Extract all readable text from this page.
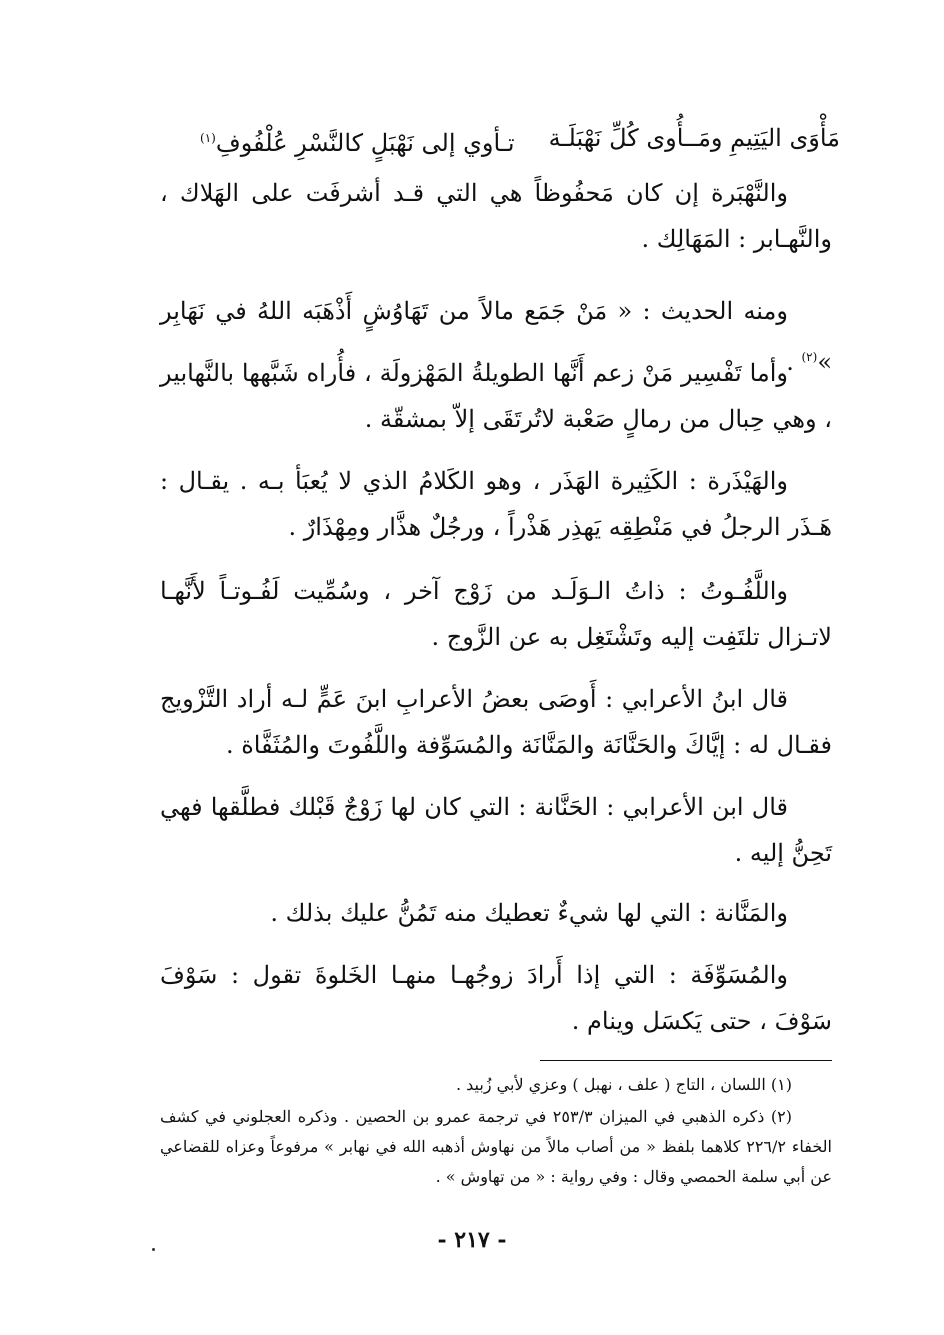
مَأْوَى اليَتِيمِ ومَــأُوى كُلِّ نَهْبَلَـة
تـأوي إلى نَهْبَلٍ كالنَّسْرِ عُلْفُوفِ$^{(١)}$

والنَّهْبَرة إن كان مَحفُوظاً هي التي قـد أشرفَت على الهَلاك ، والنَّهـابر : المَهَالِك .

ومنه الحديث : « مَنْ جَمَع مالاً من تَهَاوُشٍ أَذْهَبَه اللهُ في نَهَابِر »$^{(٢)}$ .

وأما تَفْسِير مَنْ زعم أَنَّها الطويلةُ المَهْزولَة ، فأُراه شَبَّهها بالنَّهابير ، وهي حِبال من رمالٍ صَعْبة لاتُرتَقَى إلاّ بمشقّة .

والهَيْذَرة : الكَثِيرة الهَذَر ، وهو الكَلامُ الذي لا يُعبَأ بـه . يقـال : هَـذَر الرجلُ في مَنْطِقِه يَهذِر هَذْراً ، ورجُلٌ هذَّار ومِهْذَارٌ .

واللَّفُـوتُ : ذاتُ الـوَلَـد من زَوْج آخر ، وسُمِّيت لَفُـوتـاً لأَنَّهـا لاتـزال تلتَفِت إليه وتَشْتَغِل به عن الزَّوج .

قال ابنُ الأعرابي : أَوصَى بعضُ الأعرابِ ابنَ عَمٍّ لـه أراد التَّزْويج فقـال له : إيَّاكَ والحَنَّانَة والمَنَّانَة والمُسَوِّفة واللَّفُوتَ والمُثَفَّاة .

قال ابن الأعرابي : الحَنَّانة : التي كان لها زَوْجٌ قَبْلك فطلَّقها فهي تَحِنُّ إليه .

والمَنَّانة : التي لها شيءٌ تعطيك منه تَمُنُّ عليك بذلك .

والمُسَوِّفَة : التي إذا أَرادَ زوجُهـا منهـا الخَلوةَ تقول : سَوْفَ سَوْفَ ، حتى يَكسَل وينام .

(١) اللسان ، التاج ( علف ، نهبل ) وعزي لأبي زُبيد .

(٢) ذكره الذهبي في الميزان ٢٥٣/٣ في ترجمة عمرو بن الحصين . وذكره العجلوني في كشف الخفاء ٢٢٦/٢ كلاهما بلفظ « من أصاب مالاً من نهاوش أذهبه الله في نهابر » مرفوعاً وعزاه للقضاعي عن أبي سلمة الحمصي وقال : وفي رواية : « من تهاوش » .

- ٢١٧ -
